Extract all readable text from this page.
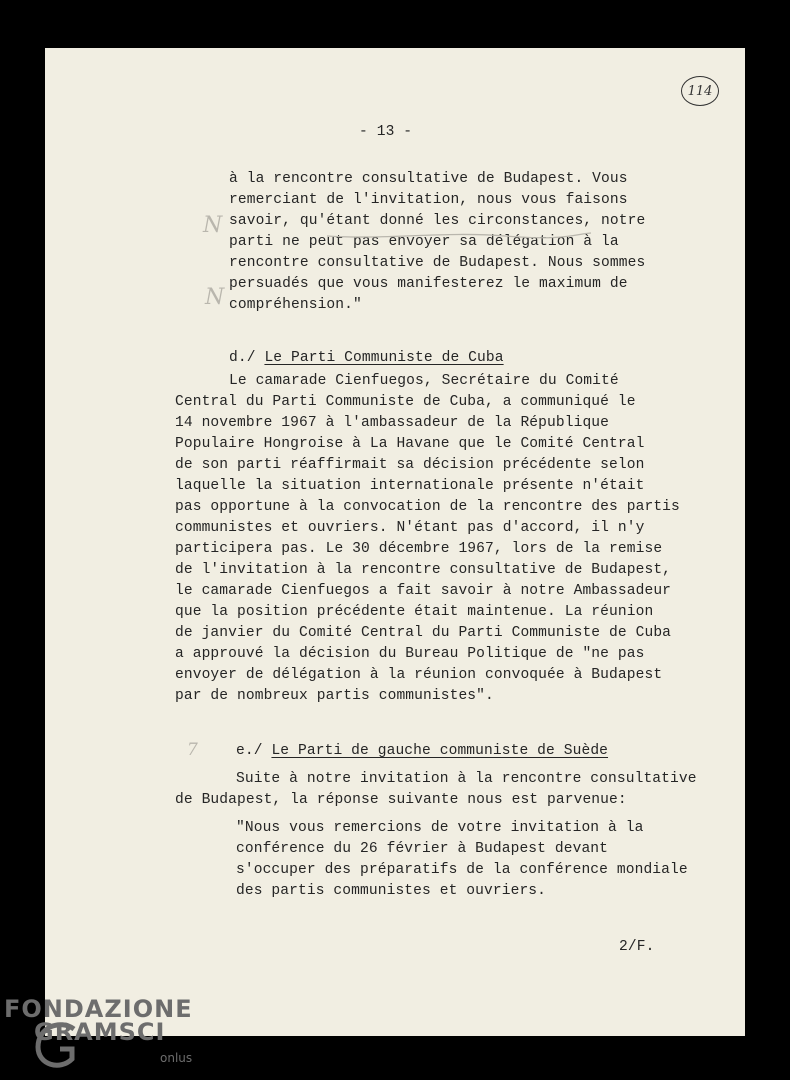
114
- 13 -
à la rencontre consultative de Budapest. Vous
remerciant de l'invitation, nous vous faisons
savoir, qu'étant donné les circonstances, notre
parti ne peut pas envoyer sa délégation à la
rencontre consultative de Budapest. Nous sommes
persuadés que vous manifesterez le maximum de
compréhension."
N
N
d./ Le Parti Communiste de Cuba
Le camarade Cienfuegos, Secrétaire du Comité
Central du Parti Communiste de Cuba, a communiqué le
14 novembre 1967 à l'ambassadeur de la République
Populaire Hongroise à La Havane que le Comité Central
de son parti réaffirmait sa décision précédente selon
laquelle la situation internationale présente n'était
pas opportune à la convocation de la rencontre des partis
communistes et ouvriers. N'étant pas d'accord, il n'y
participera pas. Le 30 décembre 1967, lors de la remise
de l'invitation à la rencontre consultative de Budapest,
le camarade Cienfuegos a fait savoir à notre Ambassadeur
que la position précédente était maintenue. La réunion
de janvier du Comité Central du Parti Communiste de Cuba
a approuvé la décision du Bureau Politique de "ne pas
envoyer de délégation à la réunion convoquée à Budapest
par de nombreux partis communistes".
7	e./ Le Parti de gauche communiste de Suède
Suite à notre invitation à la rencontre consultative
de Budapest, la réponse suivante nous est parvenue:
"Nous vous remercions de votre invitation à la
conférence du 26 février à Budapest devant
s'occuper des préparatifs de la conférence mondiale
des partis communistes et ouvriers.
2/F.
FONDAZIONE
GRAMSCI
onlus
